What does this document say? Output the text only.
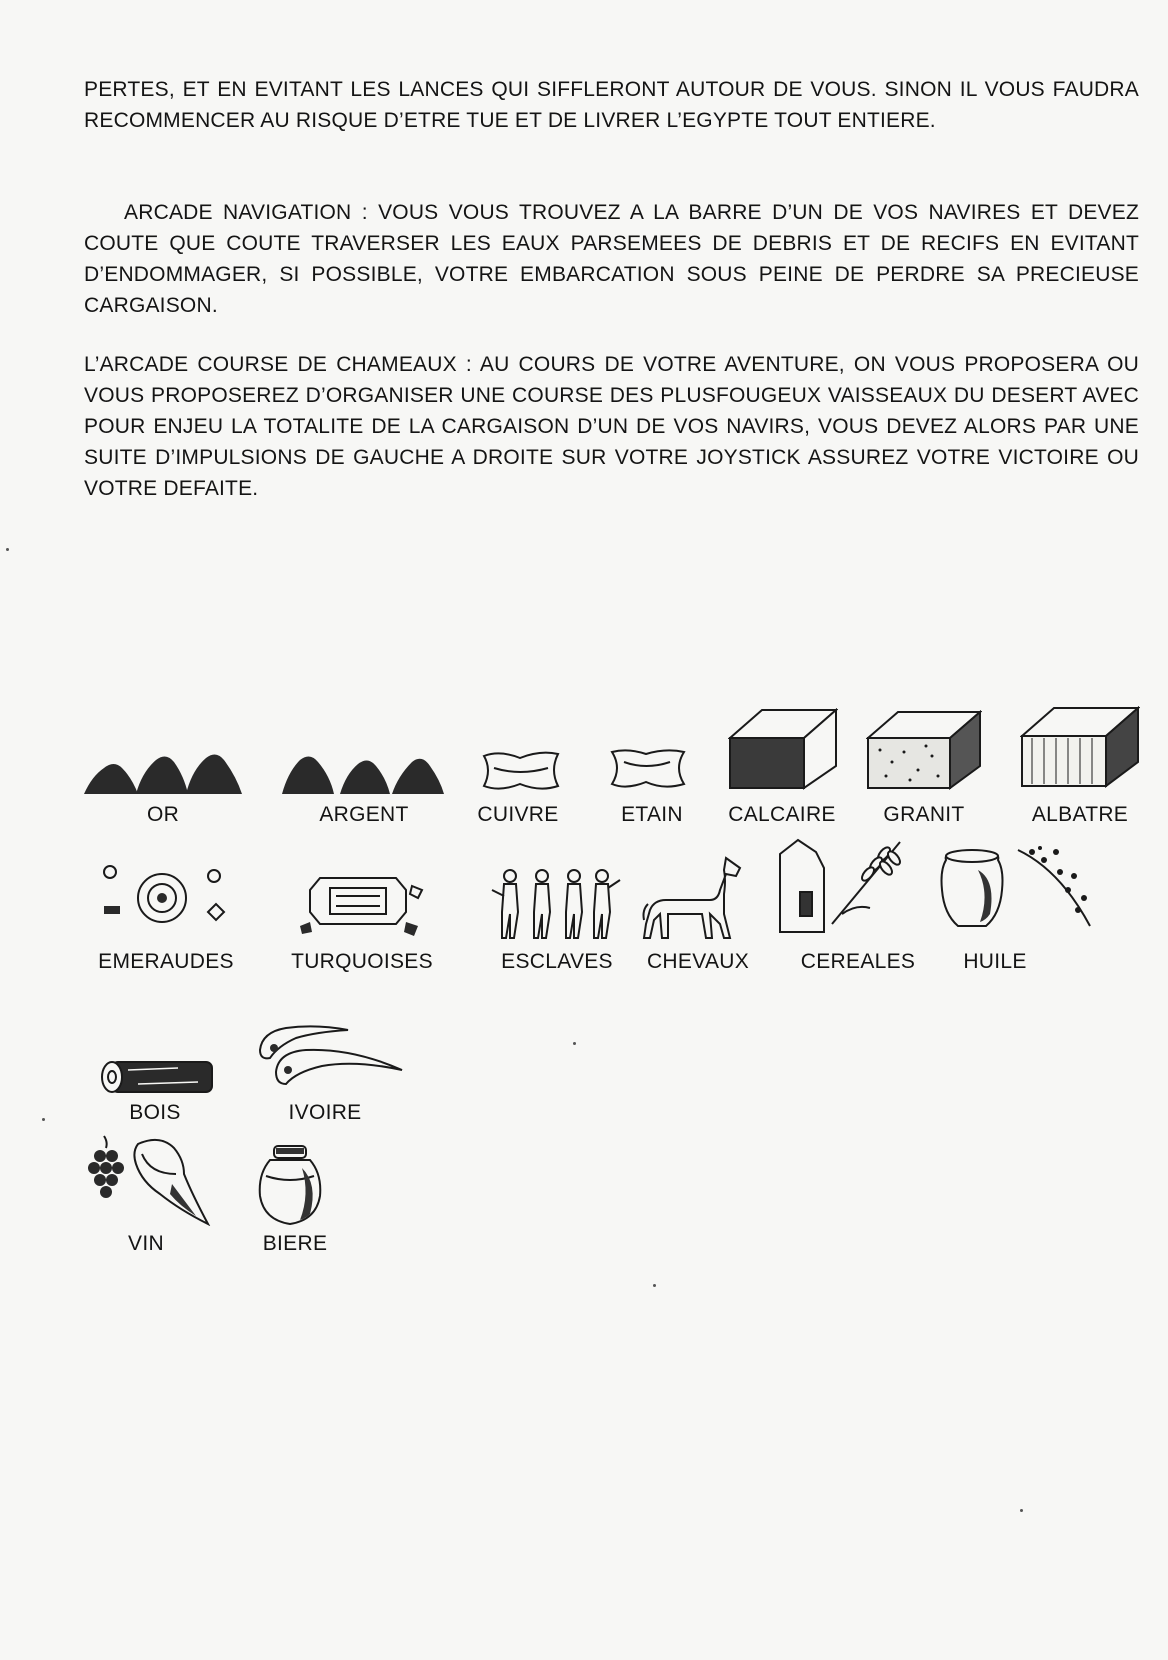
PERTES, ET EN EVITANT LES LANCES QUI SIFFLERONT AUTOUR DE VOUS. SINON IL VOUS FAUDRA RECOMMENCER AU RISQUE D’ETRE TUE ET DE LIVRER L’EGYPTE TOUT ENTIERE.
ARCADE NAVIGATION : VOUS VOUS TROUVEZ A LA BARRE D’UN DE VOS NAVIRES ET DEVEZ COUTE QUE COUTE TRAVERSER LES EAUX PARSEMEES DE DEBRIS ET DE RECIFS EN EVITANT D’ENDOMMAGER, SI POSSIBLE, VOTRE EMBARCATION SOUS PEINE DE PERDRE SA PRECIEUSE CARGAISON.
L’ARCADE COURSE DE CHAMEAUX : AU COURS DE VOTRE AVENTURE, ON VOUS PROPOSERA OU VOUS PROPOSEREZ D’ORGANISER UNE COURSE DES PLUSFOUGEUX VAISSEAUX DU DESERT AVEC POUR ENJEU LA TOTALITE DE LA CARGAISON D’UN DE VOS NAVIRS, VOUS DEVEZ ALORS PAR UNE SUITE D’IMPULSIONS DE GAUCHE A DROITE SUR VOTRE JOYSTICK ASSUREZ VOTRE VICTOIRE OU VOTRE DEFAITE.
OR	ARGENT	CUIVRE	ETAIN CALCAIRE GRANIT	ALBATRE
EMERAUDES	TURQUOISES	ESCLAVES CHEVAUX CEREALES HUILE
BOIS	IVOIRE
VIN	BIERE
